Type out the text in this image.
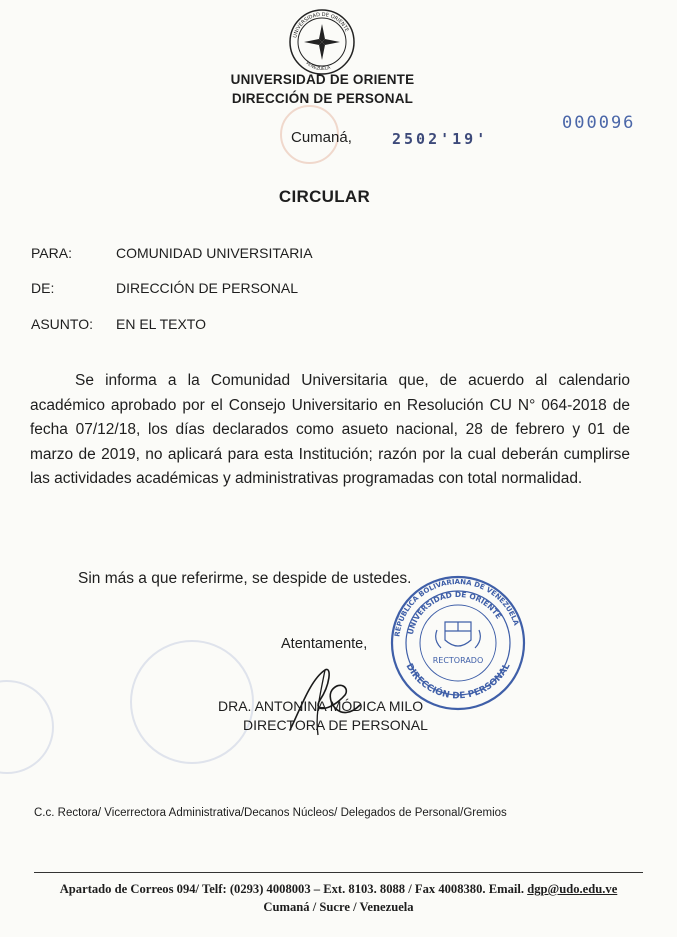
UNIVERSIDAD DE ORIENTE
VENEZUELA
UNIVERSIDAD DE ORIENTE
DIRECCIÓN DE PERSONAL
000096
Cumaná,	2502'19'
CIRCULAR
PARA:	COMUNIDAD UNIVERSITARIA
DE:	DIRECCIÓN DE PERSONAL
ASUNTO: EN EL TEXTO
Se informa a la Comunidad Universitaria que, de acuerdo al calendario académico aprobado por el Consejo Universitario en Resolución CU N° 064-2018 de fecha 07/12/18, los días declarados como asueto nacional, 28 de febrero y 01 de marzo de 2019, no aplicará para esta Institución; razón por la cual deberán cumplirse las actividades académicas y administrativas programadas con total normalidad.
Sin más a que referirme, se despide de ustedes.
REPÚBLICA BOLIVARIANA DE VENEZUELA
UNIVERSIDAD DE ORIENTE
DIRECCIÓN DE PERSONAL
RECTORADO
Atentamente,
DRA. ANTONINA MÓDICA MILO
DIRECTORA DE PERSONAL
C.c. Rectora/ Vicerrectora Administrativa/Decanos Núcleos/ Delegados de Personal/Gremios
Apartado de Correos 094/ Telf: (0293) 4008003 – Ext. 8103. 8088 / Fax 4008380. Email. dgp@udo.edu.ve
Cumaná / Sucre / Venezuela
